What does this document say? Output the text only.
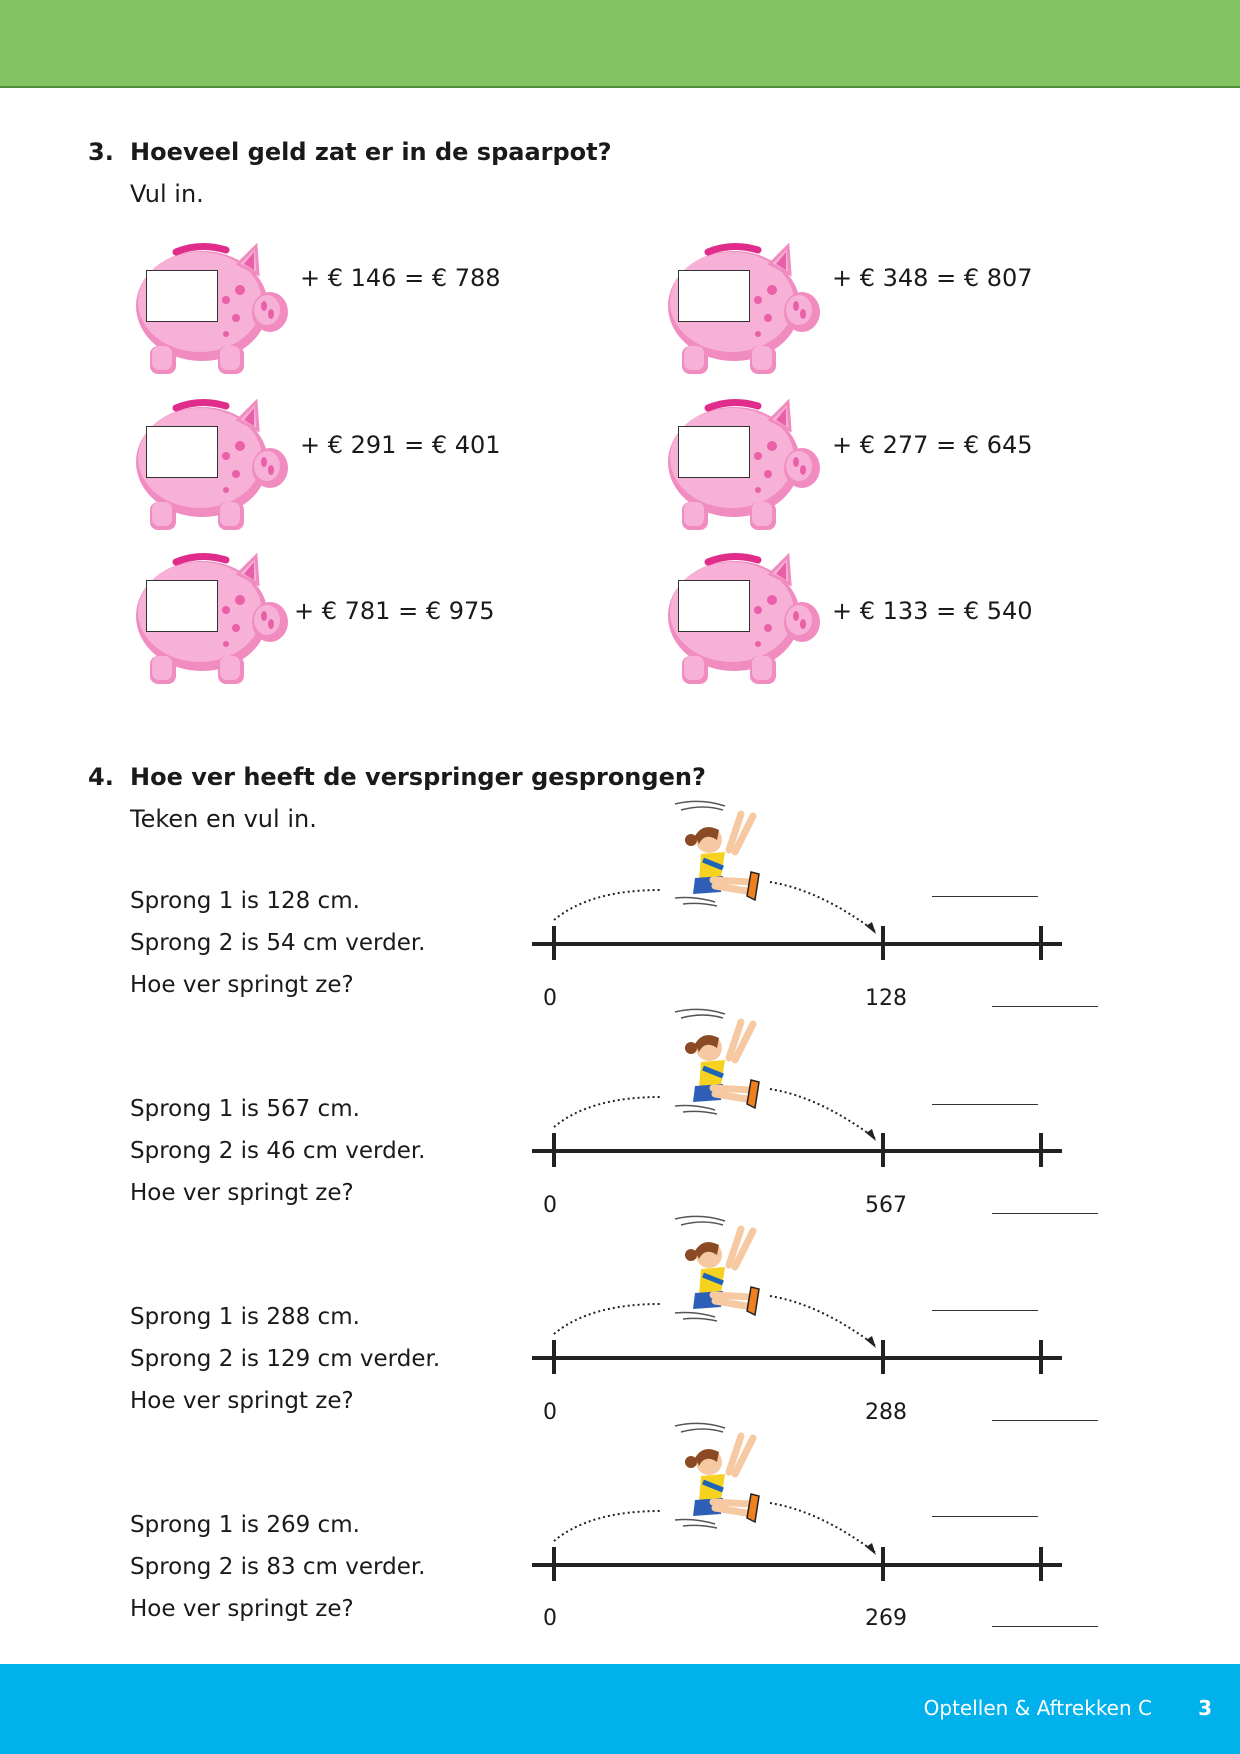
3. Hoeveel geld zat er in de spaarpot?
Vul in.
+ € 146 = € 788	+ € 348 = € 807
+ € 291 = € 401	+ € 277 = € 645
+ € 781 = € 975	+ € 133 = € 540
4. Hoe ver heeft de verspringer gesprongen?
Teken en vul in.
Sprong 1 is 128 cm.
Sprong 2 is 54 cm verder.
Hoe ver springt ze?
0	128
Sprong 1 is 567 cm.
Sprong 2 is 46 cm verder.
Hoe ver springt ze?	0	567
Sprong 1 is 288 cm.
Sprong 2 is 129 cm verder.
Hoe ver springt ze?	0	288
Sprong 1 is 269 cm.
Sprong 2 is 83 cm verder.
Hoe ver springt ze?	0	269
Optellen & Aftrekken C 3
